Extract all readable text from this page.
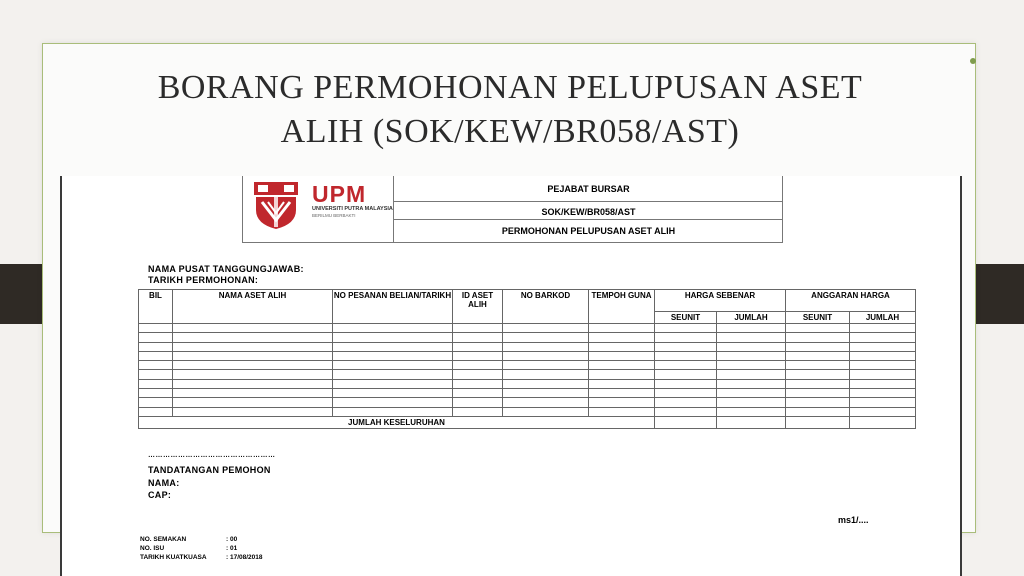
BORANG PERMOHONAN PELUPUSAN ASET
ALIH (SOK/KEW/BR058/AST)
UPM
UNIVERSITI PUTRA MALAYSIA
BERILMU BERBAKTI
PEJABAT BURSAR
SOK/KEW/BR058/AST
PERMOHONAN PELUPUSAN ASET ALIH
NAMA PUSAT TANGGUNGJAWAB:
TARIKH PERMOHONAN:
BIL	NAMA ASET ALIH	NO PESANAN BELIAN/TARIKH	ID ASET ALIH	NO BARKOD	TEMPOH GUNA	HARGA SEBENAR		ANGGARAN HARGA	
						SEUNIT	JUMLAH	SEUNIT	JUMLAH

JUMLAH KESELURUHAN									
……………………………………………
TANDATANGAN PEMOHON
NAMA:
CAP:
ms1/....
NO. SEMAKAN	: 00
NO. ISU	: 01
TARIKH KUATKUASA	: 17/08/2018
